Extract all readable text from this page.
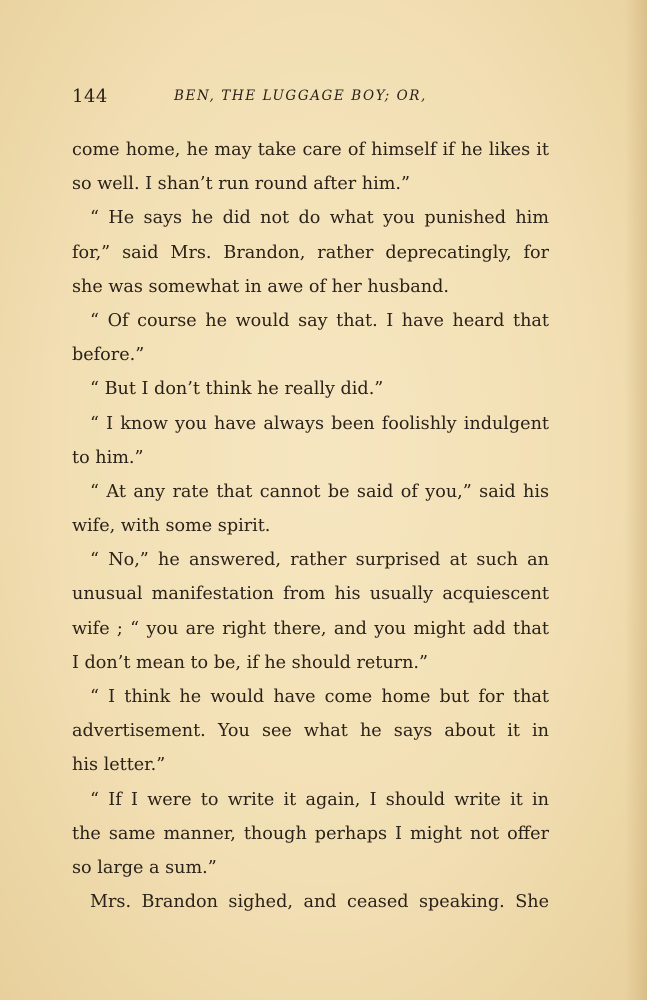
144	BEN, THE LUGGAGE BOY; OR,
come home, he may take care of himself if he likes it
so well. I shan’t run round after him.”
“ He says he did not do what you punished him
for,” said Mrs. Brandon, rather deprecatingly, for
she was somewhat in awe of her husband.
“ Of course he would say that. I have heard that
before.”
“ But I don’t think he really did.”
“ I know you have always been foolishly indulgent
to him.”
“ At any rate that cannot be said of you,” said his
wife, with some spirit.
“ No,” he answered, rather surprised at such an
unusual manifestation from his usually acquiescent
wife ; “ you are right there, and you might add that
I don’t mean to be, if he should return.”
“ I think he would have come home but for that
advertisement. You see what he says about it in
his letter.”
“ If I were to write it again, I should write it in
the same manner, though perhaps I might not offer
so large a sum.”
Mrs. Brandon sighed, and ceased speaking. She
